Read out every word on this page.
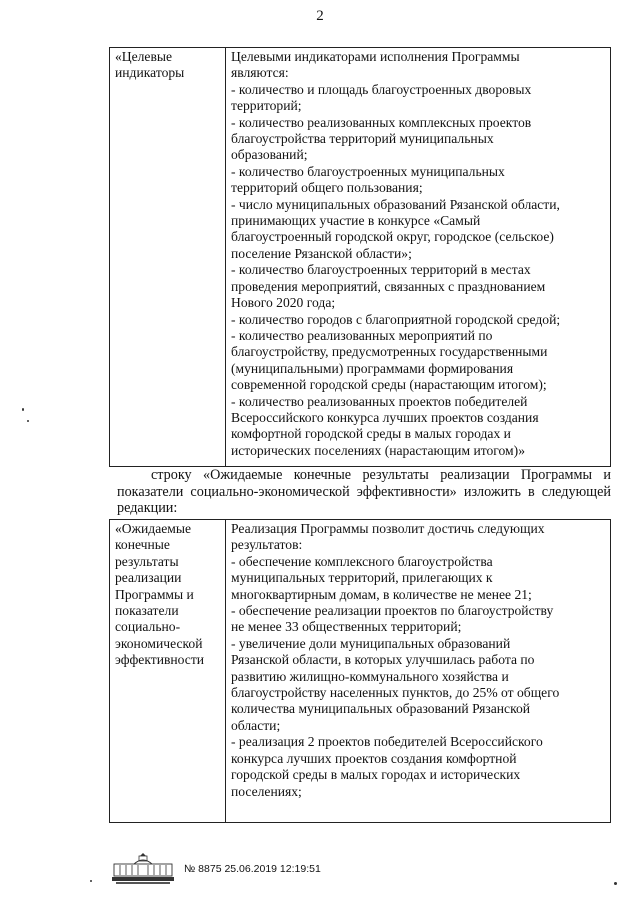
2
«Целевые
индикаторы

Целевыми индикаторами исполнения Программы
являются:
- количество и площадь благоустроенных дворовых
территорий;
- количество реализованных комплексных проектов
благоустройства территорий муниципальных
образований;
- количество благоустроенных муниципальных
территорий общего пользования;
- число муниципальных образований Рязанской области,
принимающих участие в конкурсе «Самый
благоустроенный городской округ, городское (сельское)
поселение Рязанской области»;
- количество благоустроенных территорий в местах
проведения мероприятий, связанных с празднованием
Нового 2020 года;
- количество городов с благоприятной городской средой;
- количество реализованных мероприятий по
благоустройству, предусмотренных государственными
(муниципальными) программами формирования
современной городской среды (нарастающим итогом);
- количество реализованных проектов победителей
Всероссийского конкурса лучших проектов создания
комфортной городской среды в малых городах и
исторических поселениях (нарастающим итогом)»
строку «Ожидаемые конечные результаты реализации Программы и показатели социально-экономической эффективности» изложить в следующей редакции:
«Ожидаемые
конечные
результаты
реализации
Программы и
показатели
социально-
экономической
эффективности

Реализация Программы позволит достичь следующих
результатов:
- обеспечение комплексного благоустройства
муниципальных территорий, прилегающих к
многоквартирным домам, в количестве не менее 21;
- обеспечение реализации проектов по благоустройству
не менее 33 общественных территорий;
- увеличение доли муниципальных образований
Рязанской области, в которых улучшилась работа по
развитию жилищно-коммунального хозяйства и
благоустройству населенных пунктов, до 25% от общего
количества муниципальных образований Рязанской
области;
- реализация 2 проектов победителей Всероссийского
конкурса лучших проектов создания комфортной
городской среды в малых городах и исторических
поселениях;
№ 8875 25.06.2019 12:19:51
